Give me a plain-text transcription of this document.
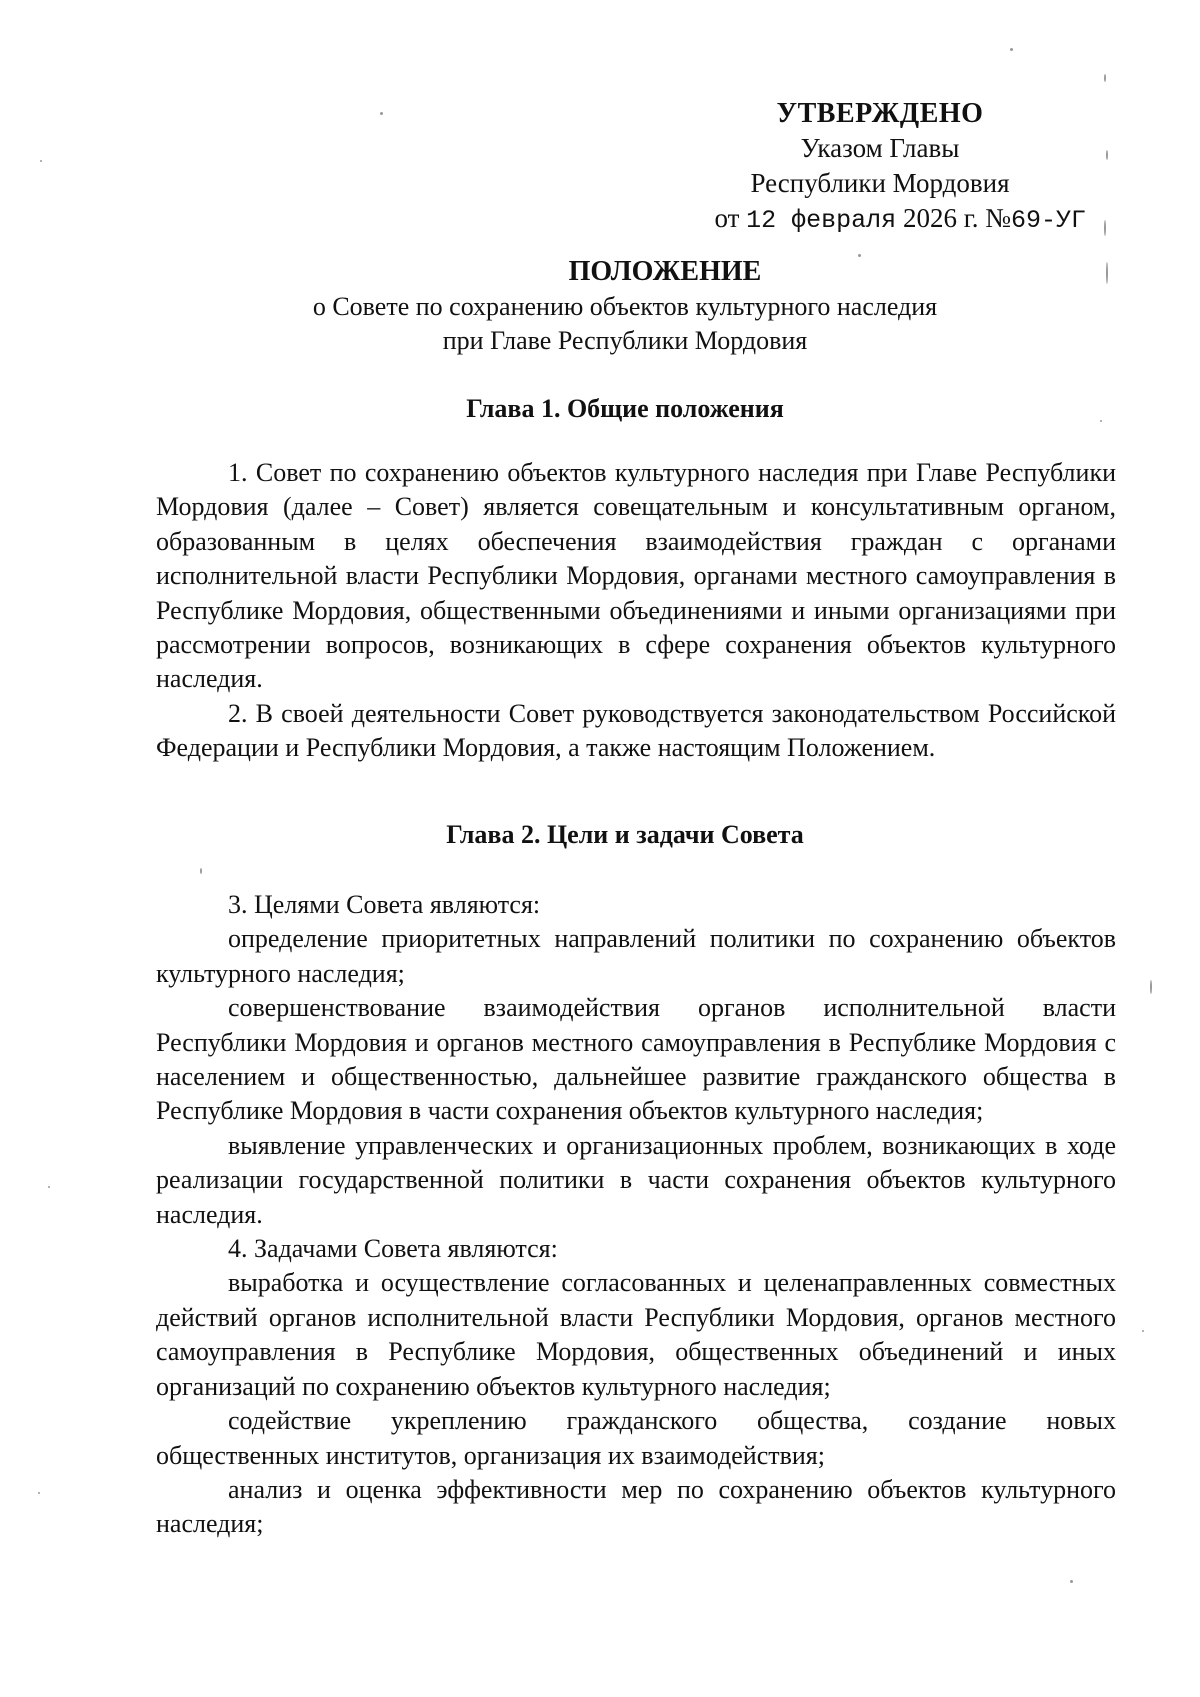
УТВЕРЖДЕНО
Указом Главы
Республики Мордовия
от 12 февраля 2026 г. №69-УГ
ПОЛОЖЕНИЕ
о Совете по сохранению объектов культурного наследия
при Главе Республики Мордовия
Глава 1. Общие положения

1. Совет по сохранению объектов культурного наследия при Главе Республики Мордовия (далее – Совет) является совещательным и консультативным органом, образованным в целях обеспечения взаимодействия граждан с органами исполнительной власти Республики Мордовия, органами местного самоуправления в Республике Мордовия, общественными объединениями и иными организациями при рассмотрении вопросов, возникающих в сфере сохранения объектов культурного наследия.

2. В своей деятельности Совет руководствуется законодательством Российской Федерации и Республики Мордовия, а также настоящим Положением.

Глава 2. Цели и задачи Совета

3. Целями Совета являются:

определение приоритетных направлений политики по сохранению объектов культурного наследия;

совершенствование взаимодействия органов исполнительной власти Республики Мордовия и органов местного самоуправления в Республике Мордовия с населением и общественностью, дальнейшее развитие гражданского общества в Республике Мордовия в части сохранения объектов культурного наследия;

выявление управленческих и организационных проблем, возникающих в ходе реализации государственной политики в части сохранения объектов культурного наследия.

4. Задачами Совета являются:

выработка и осуществление согласованных и целенаправленных совместных действий органов исполнительной власти Республики Мордовия, органов местного самоуправления в Республике Мордовия, общественных объединений и иных организаций по сохранению объектов культурного наследия;

содействие укреплению гражданского общества, создание новых общественных институтов, организация их взаимодействия;

анализ и оценка эффективности мер по сохранению объектов культурного наследия;
